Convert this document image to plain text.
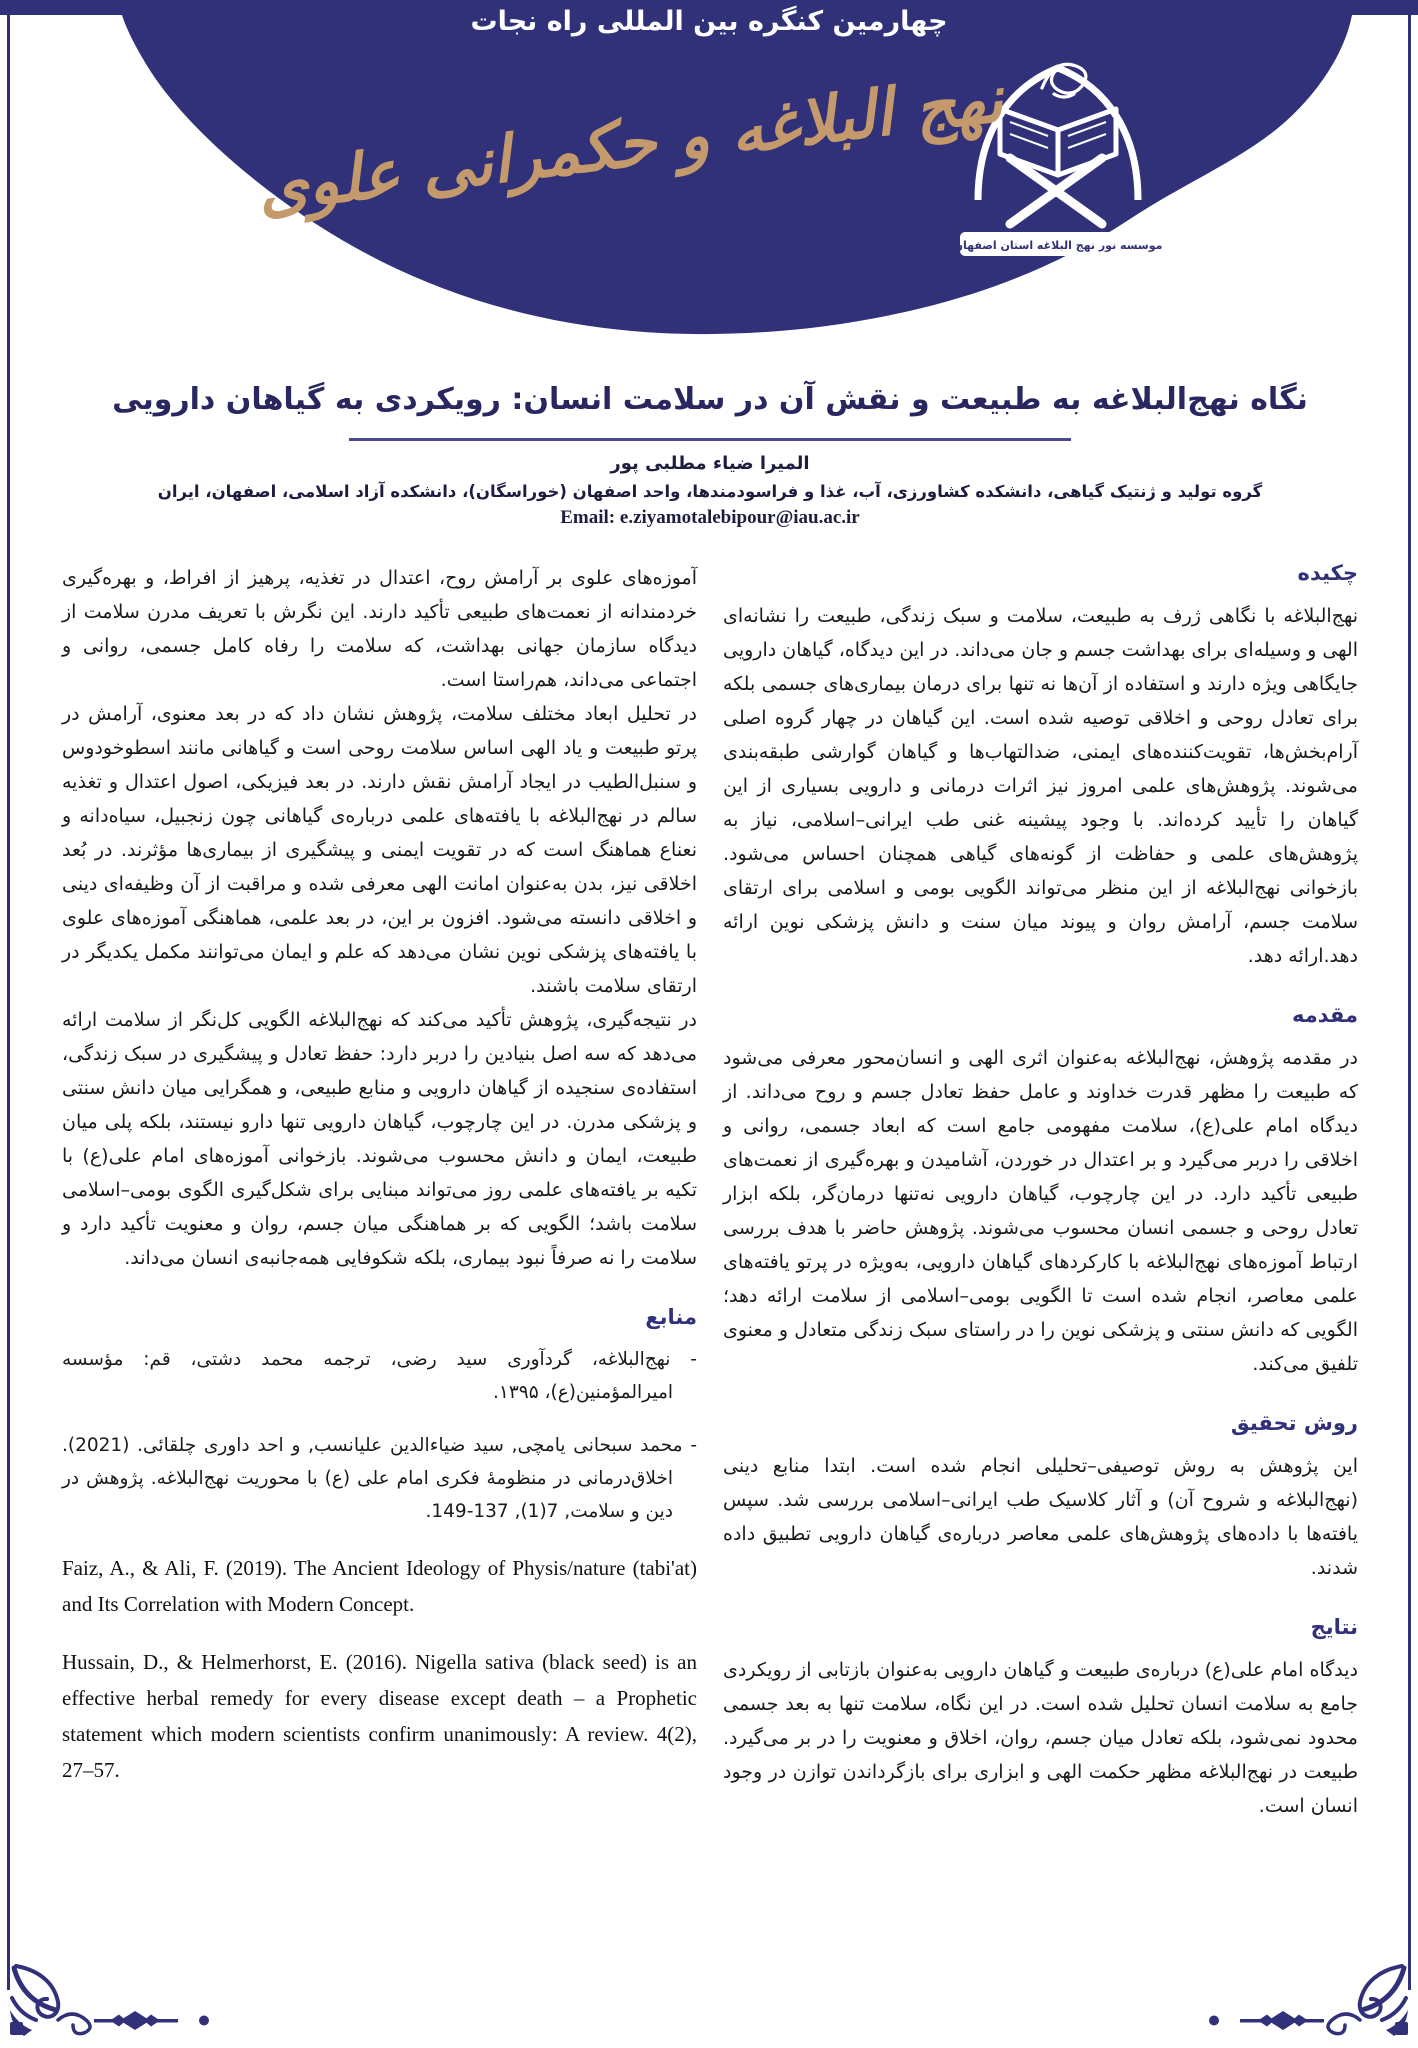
موسسه نور نهج البلاغه استان اصفهان
چهارمین کنگره بین المللی راه نجات
نهج البلاغه و حکمرانی علوی
نگاه نهج‌البلاغه به طبیعت و نقش آن در سلامت انسان: رویکردی به گیاهان دارویی
المیرا ضیاء مطلبی پور
گروه تولید و ژنتیک گیاهی، دانشکده کشاورزی، آب، غذا و فراسودمندها، واحد اصفهان (خوراسگان)، دانشکده آزاد اسلامی، اصفهان، ایران
Email: e.ziyamotalebipour@iau.ac.ir
چکیده

نهج‌البلاغه با نگاهی ژرف به طبیعت، سلامت و سبک زندگی، طبیعت را نشانه‌ای الهی و وسیله‌ای برای بهداشت جسم و جان می‌داند. در این دیدگاه، گیاهان دارویی جایگاهی ویژه دارند و استفاده از آن‌ها نه تنها برای درمان بیماری‌های جسمی بلکه برای تعادل روحی و اخلاقی توصیه شده است. این گیاهان در چهار گروه اصلی آرام‌بخش‌ها، تقویت‌کننده‌های ایمنی، ضدالتهاب‌ها و گیاهان گوارشی طبقه‌بندی می‌شوند. پژوهش‌های علمی امروز نیز اثرات درمانی و دارویی بسیاری از این گیاهان را تأیید کرده‌اند. با وجود پیشینه غنی طب ایرانی–اسلامی، نیاز به پژوهش‌های علمی و حفاظت از گونه‌های گیاهی همچنان احساس می‌شود. بازخوانی نهج‌البلاغه از این منظر می‌تواند الگویی بومی و اسلامی برای ارتقای سلامت جسم، آرامش روان و پیوند میان سنت و دانش پزشکی نوین ارائه دهد.ارائه دهد.

مقدمه

در مقدمه پژوهش، نهج‌البلاغه به‌عنوان اثری الهی و انسان‌محور معرفی می‌شود که طبیعت را مظهر قدرت خداوند و عامل حفظ تعادل جسم و روح می‌داند. از دیدگاه امام علی(ع)، سلامت مفهومی جامع است که ابعاد جسمی، روانی و اخلاقی را دربر می‌گیرد و بر اعتدال در خوردن، آشامیدن و بهره‌گیری از نعمت‌های طبیعی تأکید دارد. در این چارچوب، گیاهان دارویی نه‌تنها درمان‌گر، بلکه ابزار تعادل روحی و جسمی انسان محسوب می‌شوند. پژوهش حاضر با هدف بررسی ارتباط آموزه‌های نهج‌البلاغه با کارکردهای گیاهان دارویی، به‌ویژه در پرتو یافته‌های علمی معاصر، انجام شده است تا الگویی بومی–اسلامی از سلامت ارائه دهد؛ الگویی که دانش سنتی و پزشکی نوین را در راستای سبک زندگی متعادل و معنوی تلفیق می‌کند.

روش تحقیق

این پژوهش به روش توصیفی–تحلیلی انجام شده است. ابتدا منابع دینی (نهج‌البلاغه و شروح آن) و آثار کلاسیک طب ایرانی–اسلامی بررسی شد. سپس یافته‌ها با داده‌های پژوهش‌های علمی معاصر درباره‌ی گیاهان دارویی تطبیق داده شدند.

نتایج

دیدگاه امام علی(ع) درباره‌ی طبیعت و گیاهان دارویی به‌عنوان بازتابی از رویکردی جامع به سلامت انسان تحلیل شده است. در این نگاه، سلامت تنها به بعد جسمی محدود نمی‌شود، بلکه تعادل میان جسم، روان، اخلاق و معنویت را در بر می‌گیرد. طبیعت در نهج‌البلاغه مظهر حکمت الهی و ابزاری برای بازگرداندن توازن در وجود انسان است.

آموزه‌های علوی بر آرامش روح، اعتدال در تغذیه، پرهیز از افراط، و بهره‌گیری خردمندانه از نعمت‌های طبیعی تأکید دارند. این نگرش با تعریف مدرن سلامت از دیدگاه سازمان جهانی بهداشت، که سلامت را رفاه کامل جسمی، روانی و اجتماعی می‌داند، هم‌راستا است.

در تحلیل ابعاد مختلف سلامت، پژوهش نشان داد که در بعد معنوی، آرامش در پرتو طبیعت و یاد الهی اساس سلامت روحی است و گیاهانی مانند اسطوخودوس و سنبل‌الطیب در ایجاد آرامش نقش دارند. در بعد فیزیکی، اصول اعتدال و تغذیه سالم در نهج‌البلاغه با یافته‌های علمی درباره‌ی گیاهانی چون زنجبیل، سیاه‌دانه و نعناع هماهنگ است که در تقویت ایمنی و پیشگیری از بیماری‌ها مؤثرند. در بُعد اخلاقی نیز، بدن به‌عنوان امانت الهی معرفی شده و مراقبت از آن وظیفه‌ای دینی و اخلاقی دانسته می‌شود. افزون بر این، در بعد علمی، هماهنگی آموزه‌های علوی با یافته‌های پزشکی نوین نشان می‌دهد که علم و ایمان می‌توانند مکمل یکدیگر در ارتقای سلامت باشند.

در نتیجه‌گیری، پژوهش تأکید می‌کند که نهج‌البلاغه الگویی کل‌نگر از سلامت ارائه می‌دهد که سه اصل بنیادین را دربر دارد: حفظ تعادل و پیشگیری در سبک زندگی، استفاده‌ی سنجیده از گیاهان دارویی و منابع طبیعی، و همگرایی میان دانش سنتی و پزشکی مدرن. در این چارچوب، گیاهان دارویی تنها دارو نیستند، بلکه پلی میان طبیعت، ایمان و دانش محسوب می‌شوند. بازخوانی آموزه‌های امام علی(ع) با تکیه بر یافته‌های علمی روز می‌تواند مبنایی برای شکل‌گیری الگوی بومی–اسلامی سلامت باشد؛ الگویی که بر هماهنگی میان جسم، روان و معنویت تأکید دارد و سلامت را نه صرفاً نبود بیماری، بلکه شکوفایی همه‌جانبه‌ی انسان می‌داند.

منابع

- نهج‌البلاغه، گردآوری سید رضی، ترجمه محمد دشتی، قم: مؤسسه امیرالمؤمنین(ع)، ۱۳۹۵.

- محمد سبحانی یامچی, سید ضیاءالدین علیانسب, و احد داوری چلقائی. (2021). اخلاق‌درمانی در منظومهٔ فکری امام علی (ع) با محوریت نهج‌البلاغه. پژوهش در دین و سلامت, 7(1), 137-149.

Faiz, A., & Ali, F. (2019). The Ancient Ideology of Physis/nature (tabi'at) and Its Correlation with Modern Concept.

Hussain, D., & Helmerhorst, E. (2016). Nigella sativa (black seed) is an effective herbal remedy for every disease except death – a Prophetic statement which modern scientists confirm unanimously: A review. 4(2), 27–57.
